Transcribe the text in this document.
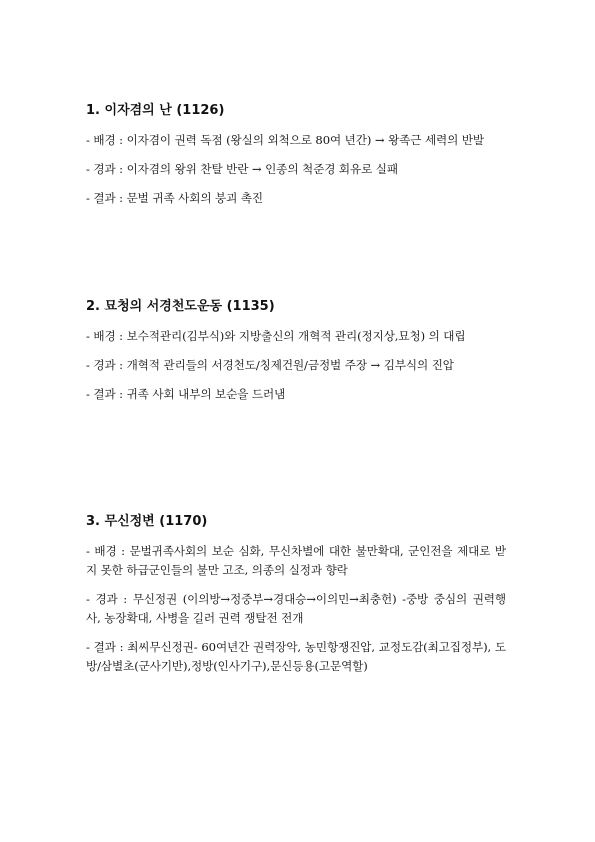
1. 이자겸의 난 (1126)
- 배경 : 이자겸이 권력 독점 (왕실의 외척으로 80여 년간) → 왕족근 세력의 반발
- 경과 : 이자겸의 왕위 찬탈 반란 → 인종의 척준경 회유로 실패
- 결과 : 문벌 귀족 사회의 붕괴 촉진
2. 묘청의 서경천도운동 (1135)
- 배경 : 보수적관리(김부식)와 지방출신의 개혁적 관리(정지상,묘청) 의 대립
- 경과 : 개혁적 관리들의 서경천도/칭제건원/금정벌 주장 → 김부식의 진압
- 결과 : 귀족 사회 내부의 보순을 드러냄
3. 무신정변 (1170)
- 배경 : 문벌귀족사회의 보순 심화, 무신차별에 대한 불만확대, 군인전을 제대로 받지 못한 하급군인들의 불만 고조, 의종의 실정과 향락
- 경과 : 무신정권 (이의방→정중부→경대승→이의민→최충헌) -중방 중심의 권력행사, 농장확대, 사병을 길러 권력 쟁탈전 전개
- 결과 : 최씨무신정권- 60여년간 권력장악, 농민항쟁진압, 교정도감(최고집정부), 도방/삼별초(군사기반),정방(인사기구),문신등용(고문역할)
